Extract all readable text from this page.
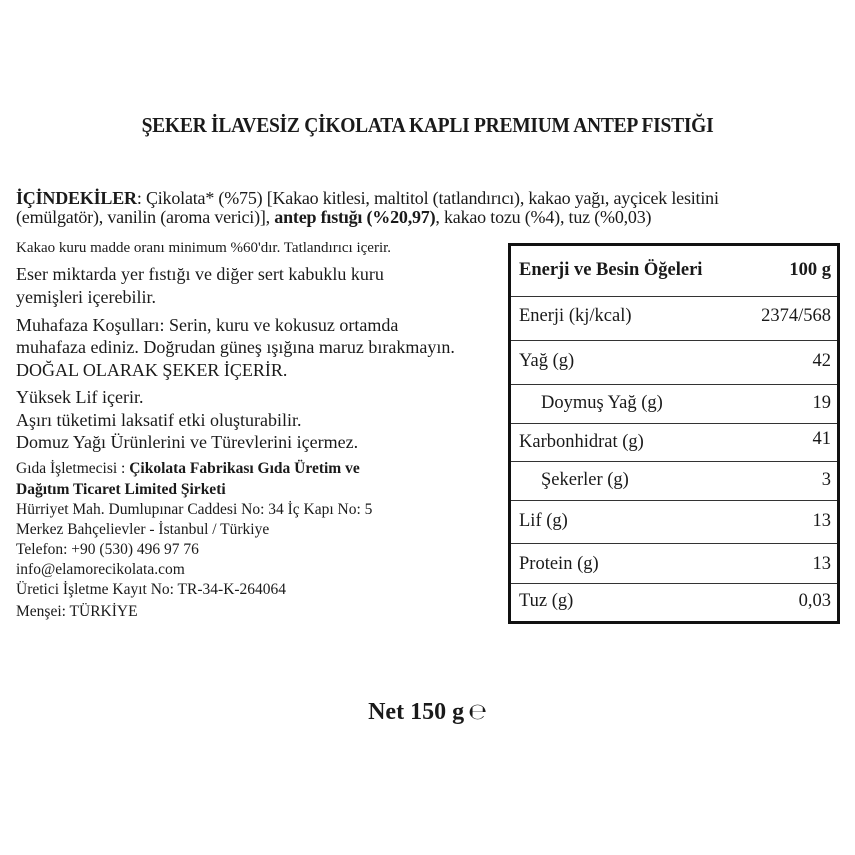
ŞEKER İLAVESİZ ÇİKOLATA KAPLI PREMIUM ANTEP FISTIĞI
İÇİNDEKİLER: Çikolata* (%75) [Kakao kitlesi, maltitol (tatlandırıcı), kakao yağı, ayçicek lesitini
(emülgatör), vanilin (aroma verici)], antep fıstığı (%20,97), kakao tozu (%4), tuz (%0,03)
Kakao kuru madde oranı minimum %60'dır. Tatlandırıcı içerir.
Eser miktarda yer fıstığı ve diğer sert kabuklu kuru
yemişleri içerebilir.
Muhafaza Koşulları: Serin, kuru ve kokusuz ortamda
muhafaza ediniz. Doğrudan güneş ışığına maruz bırakmayın.
DOĞAL OLARAK ŞEKER İÇERİR.
Yüksek Lif içerir.
Aşırı tüketimi laksatif etki oluşturabilir.
Domuz Yağı Ürünlerini ve Türevlerini içermez.
Gıda İşletmecisi : Çikolata Fabrikası Gıda Üretim ve
Dağıtım Ticaret Limited Şirketi
Hürriyet Mah. Dumlupınar Caddesi No: 34 İç Kapı No: 5
Merkez Bahçelievler - İstanbul / Türkiye
Telefon: +90 (530) 496 97 76
info@elamorecikolata.com
Üretici İşletme Kayıt No: TR-34-K-264064
Menşei: TÜRKİYE
Enerji ve Besin Öğeleri	100 g
Enerji (kj/kcal)	2374/568
Yağ (g)	42
Doymuş Yağ (g)	19
Karbonhidrat (g)	41
Şekerler (g)	3
Lif (g)	13
Protein (g)	13
Tuz (g)	0,03
Net 150 g ℮
